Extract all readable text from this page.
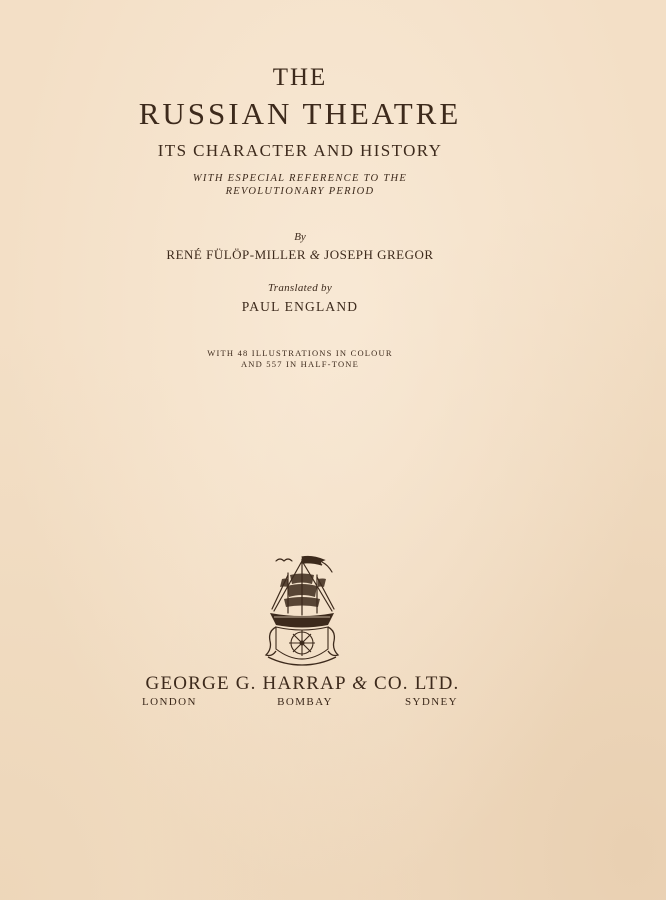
THE
RUSSIAN THEATRE
ITS CHARACTER AND HISTORY
WITH ESPECIAL REFERENCE TO THE
REVOLUTIONARY PERIOD
By
RENÉ FÜLÖP-MILLER & JOSEPH GREGOR
Translated by
PAUL ENGLAND
WITH 48 ILLUSTRATIONS IN COLOUR
AND 557 IN HALF-TONE
GEORGE G. HARRAP & CO. LTD.
LONDON	BOMBAY	SYDNEY
